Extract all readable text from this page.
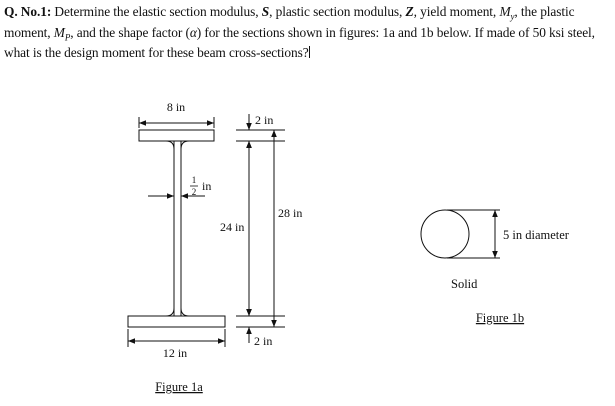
Q. No.1: Determine the elastic section modulus, S, plastic section modulus, Z, yield moment, $M_y$, the plastic moment, $M_P$, and the shape factor (α) for the sections shown in figures: 1a and 1b below. If made of 50 ksi steel, what is the design moment for these beam cross-sections?
8 in
1
2 in
2 in
28 in
24 in
2 in
12 in
Figure 1a
5 in diameter
Solid
Figure 1b
